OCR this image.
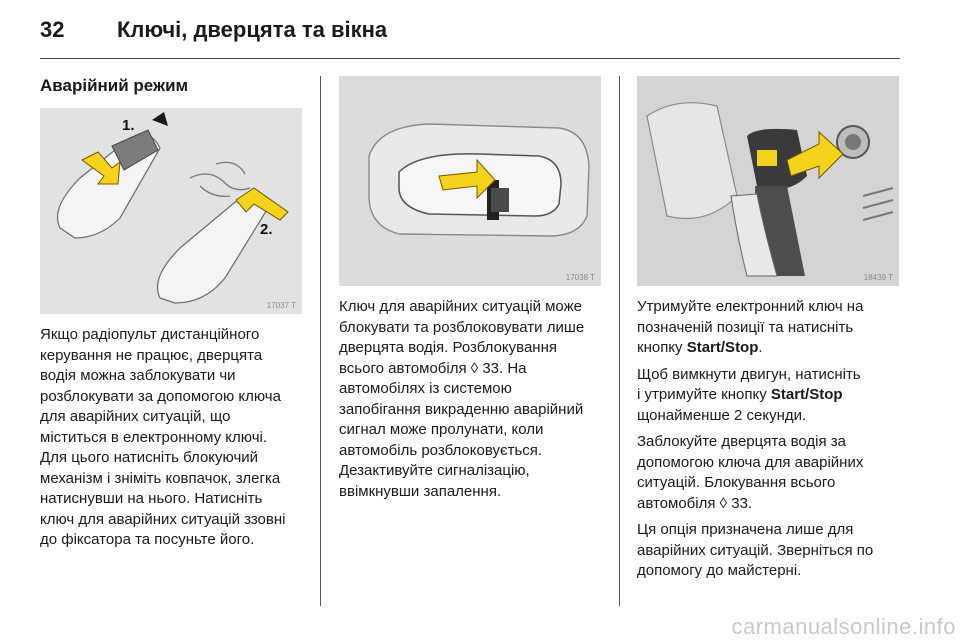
32 Ключі, дверцята та вікна
Аварійний режим
1.
2.
17037 T
17038 T	18439 T
Якщо радіопульт дистанційного
керування не працює, дверцята
водія можна заблокувати чи
розблокувати за допомогою ключа
для аварійних ситуацій, що
міститься в електронному ключі.
Для цього натисніть блокуючий
механізм і зніміть ковпачок, злегка
натиснувши на нього. Натисніть
ключ для аварійних ситуацій ззовні
до фіксатора та посуньте його.
Ключ для аварійних ситуацій може
блокувати та розблоковувати лише
дверцята водія. Розблокування
всього автомобіля ◊ 33. На
автомобілях із системою
запобігання викраденню аварійний
сигнал може пролунати, коли
автомобіль розблоковується.
Дезактивуйте сигналізацію,
ввімкнувши запалення.

Утримуйте електронний ключ на
позначеній позиції та натисніть
кнопку Start/Stop.

Щоб вимкнути двигун, натисніть
і утримуйте кнопку Start/Stop
щонайменше 2 секунди.

Заблокуйте дверцята водія за
допомогою ключа для аварійних
ситуацій. Блокування всього
автомобіля ◊ 33.

Ця опція призначена лише для
аварійних ситуацій. Зверніться по
допомогу до майстерні.

carmanualsonline.info
